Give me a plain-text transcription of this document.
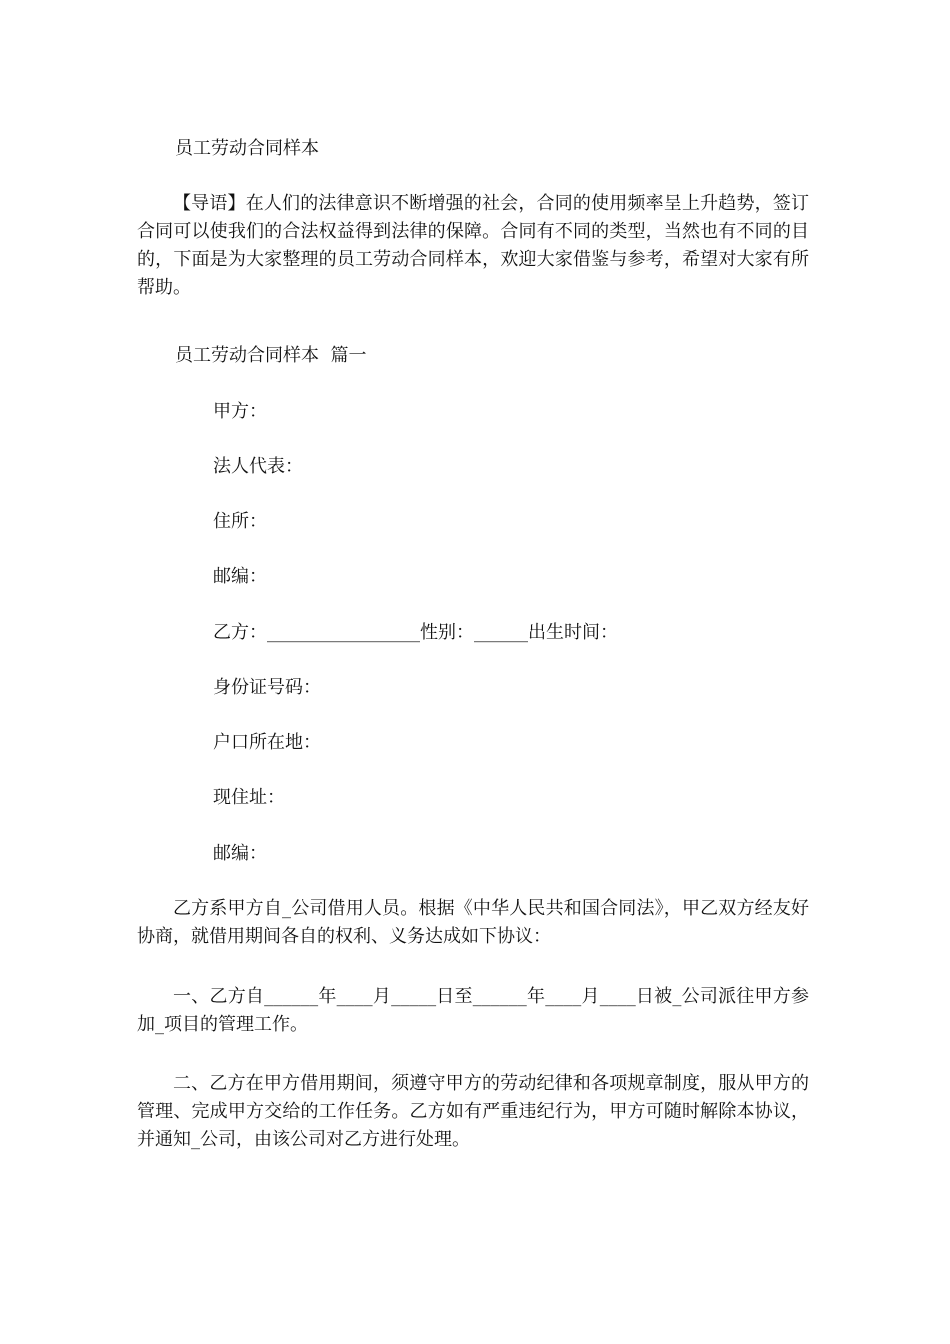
员工劳动合同样本
【导语】在人们的法律意识不断增强的社会，合同的使用频率呈上升趋势，签订合同可以使我们的合法权益得到法律的保障。合同有不同的类型，当然也有不同的目的，下面是为大家整理的员工劳动合同样本，欢迎大家借鉴与参考，希望对大家有所帮助。
员工劳动合同样本  篇一
甲方：
法人代表：
住所：
邮编：
乙方：_________________性别：______出生时间：
身份证号码：
户口所在地：
现住址：
邮编：
乙方系甲方自_公司借用人员。根据《中华人民共和国合同法》，甲乙双方经友好协商，就借用期间各自的权利、义务达成如下协议：
一、乙方自______年____月_____日至______年____月____日被_公司派往甲方参加_项目的管理工作。
二、乙方在甲方借用期间，须遵守甲方的劳动纪律和各项规章制度，服从甲方的管理、完成甲方交给的工作任务。乙方如有严重违纪行为，甲方可随时解除本协议，并通知_公司，由该公司对乙方进行处理。
